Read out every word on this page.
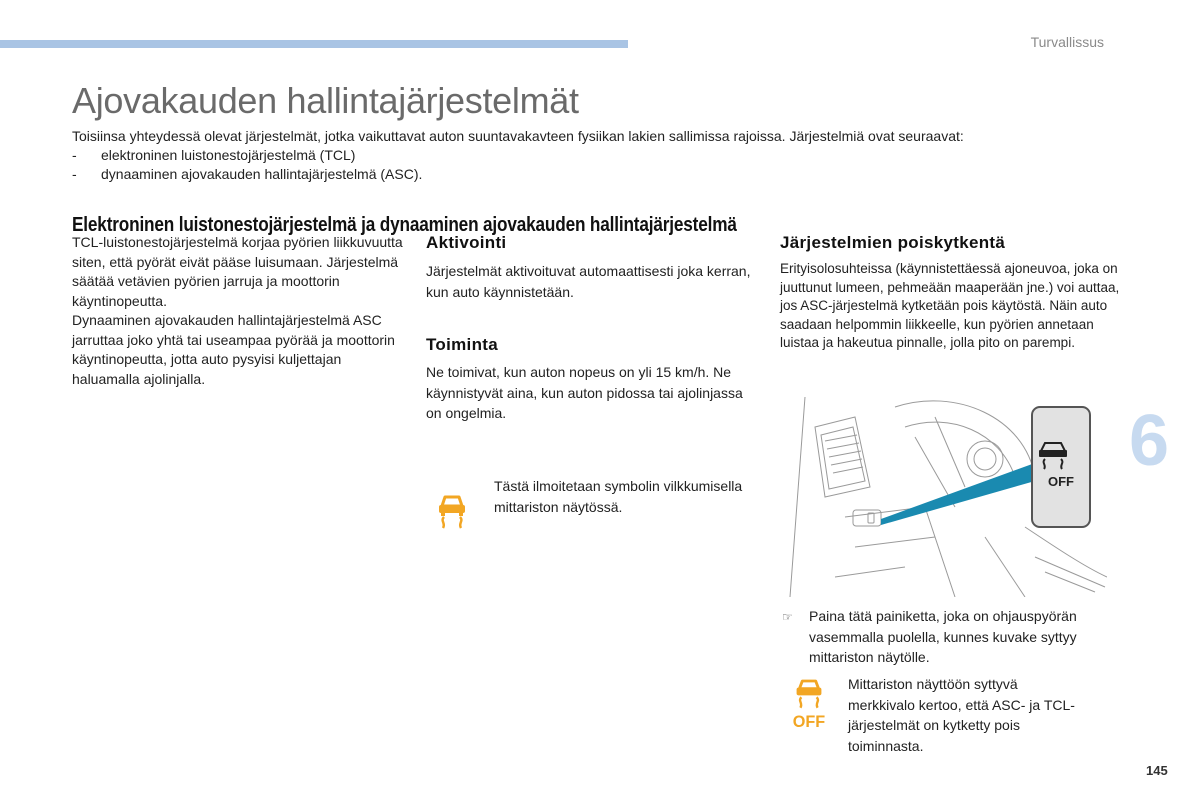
Turvallissus
6
Ajovakauden hallintajärjestelmät
Toisiinsa yhteydessä olevat järjestelmät, jotka vaikuttavat auton suuntavakavteen fysiikan lakien sallimissa rajoissa. Järjestelmiä ovat seuraavat:
- elektroninen luistonestojärjestelmä (TCL)
- dynaaminen ajovakauden hallintajärjestelmä (ASC).
Elektroninen luistonestojärjestelmä ja dynaaminen ajovakauden hallintajärjestelmä

TCL-luistonestojärjestelmä korjaa pyörien liikkuvuutta siten, että pyörät eivät pääse luisumaan. Järjestelmä säätää vetävien pyörien jarruja ja moottorin käyntinopeutta.

Dynaaminen ajovakauden hallintajärjestelmä ASC jarruttaa joko yhtä tai useampaa pyörää ja moottorin käyntinopeutta, jotta auto pysyisi kuljettajan haluamalla ajolinjalla.

Aktivointi
Järjestelmät aktivoituvat automaattisesti joka kerran, kun auto käynnistetään.
Toiminta
Ne toimivat, kun auton nopeus on yli 15 km/h. Ne käynnistyvät aina, kun auton pidossa tai ajolinjassa on ongelmia.
Tästä ilmoitetaan symbolin vilkkumisella mittariston näytössä.
Järjestelmien poiskytkentä
Erityisolosuhteissa (käynnistettäessä ajoneuvoa, joka on juuttunut lumeen, pehmeään maaperään jne.) voi auttaa, jos ASC-järjestelmä kytketään pois käytöstä. Näin auto saadaan helpommin liikkeelle, kun pyörien annetaan luistaa ja hakeutua pinnalle, jolla pito on parempi.
OFF
☞	Paina tätä painiketta, joka on ohjauspyörän vasemmalla puolella, kunnes kuvake syttyy mittariston näytölle.
OFF
Mittariston näyttöön syttyvä merkkivalo kertoo, että ASC- ja TCL-järjestelmät on kytketty pois toiminnasta.
145
